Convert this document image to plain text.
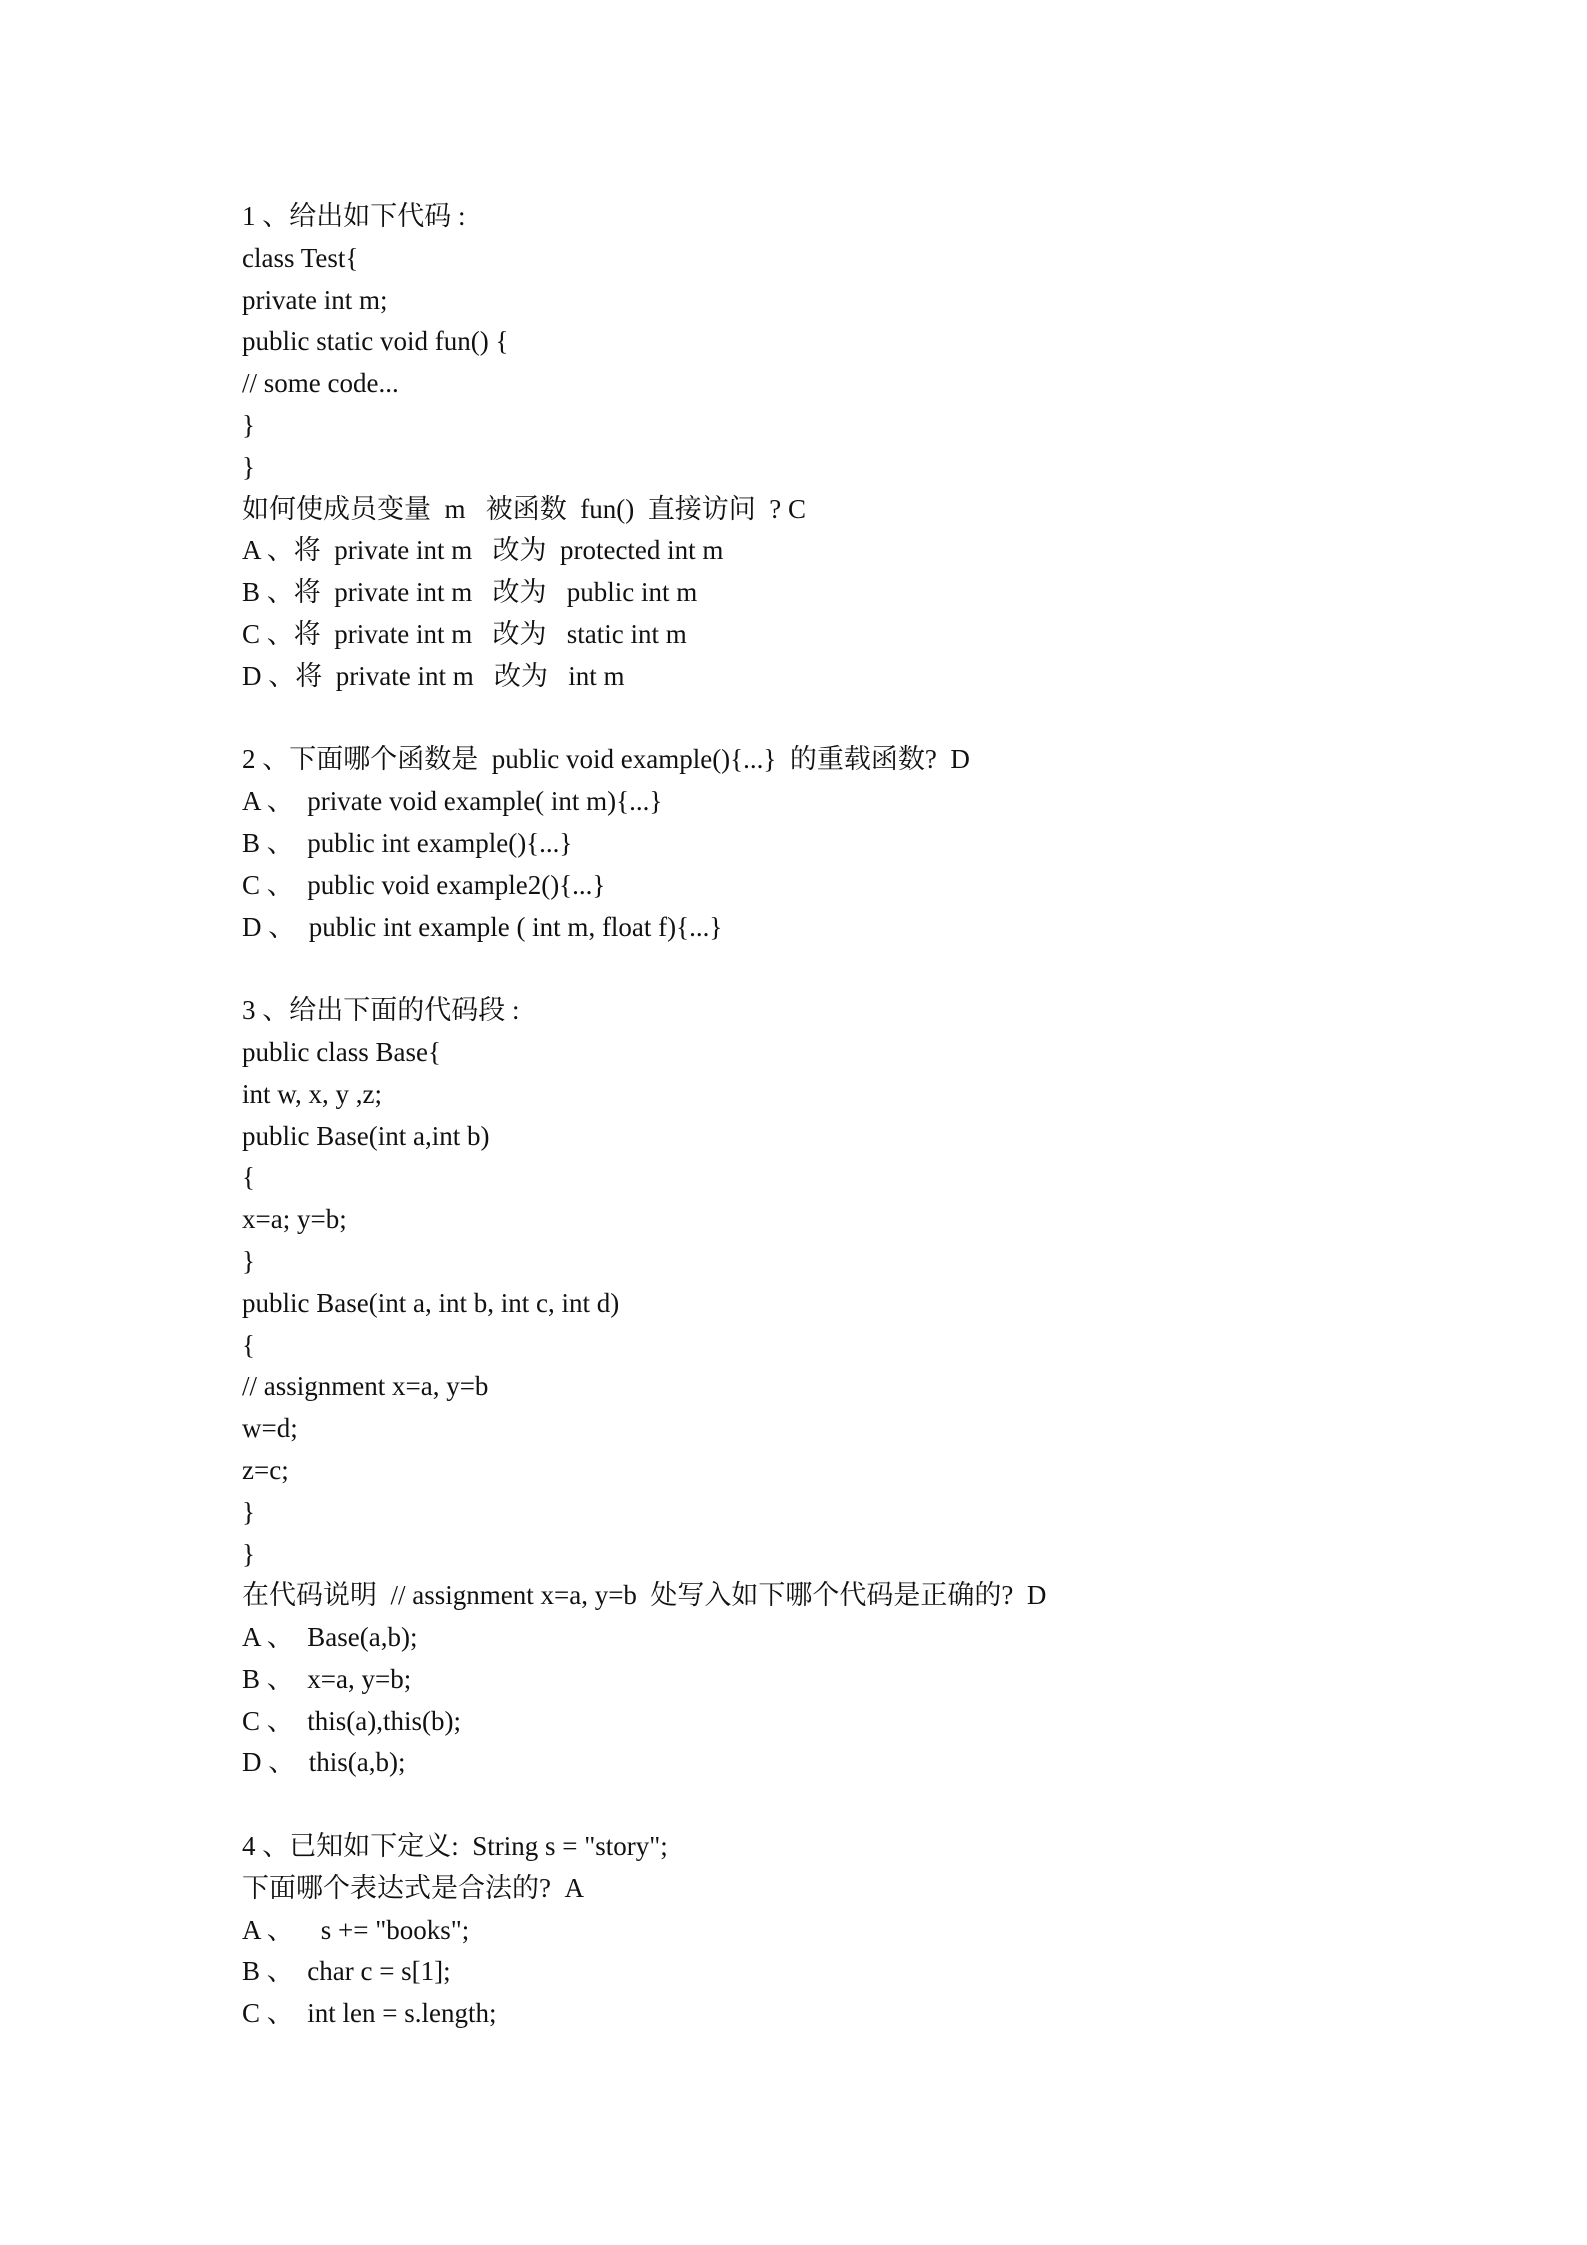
1 、给出如下代码 :
class Test{
private int m;
public static void fun() {
// some code...
}
}
如何使成员变量  m   被函数  fun()  直接访问  ? C
A 、将  private int m   改为  protected int m
B 、将  private int m   改为   public int m
C 、将  private int m   改为   static int m
D 、将  private int m   改为   int m
2 、下面哪个函数是  public void example(){...}  的重载函数?  D
A 、  private void example( int m){...}
B 、  public int example(){...}
C 、  public void example2(){...}
D 、  public int example ( int m, float f){...}
3 、给出下面的代码段 :
public class Base{
int w, x, y ,z;
public Base(int a,int b)
{
x=a; y=b;
}
public Base(int a, int b, int c, int d)
{
// assignment x=a, y=b
w=d;
z=c;
}
}
在代码说明  // assignment x=a, y=b  处写入如下哪个代码是正确的?  D
A 、  Base(a,b);
B 、  x=a, y=b;
C 、  this(a),this(b);
D 、  this(a,b);
4 、已知如下定义:  String s = "story";
下面哪个表达式是合法的?  A
A 、    s += "books";
B 、  char c = s[1];
C 、  int len = s.length;
